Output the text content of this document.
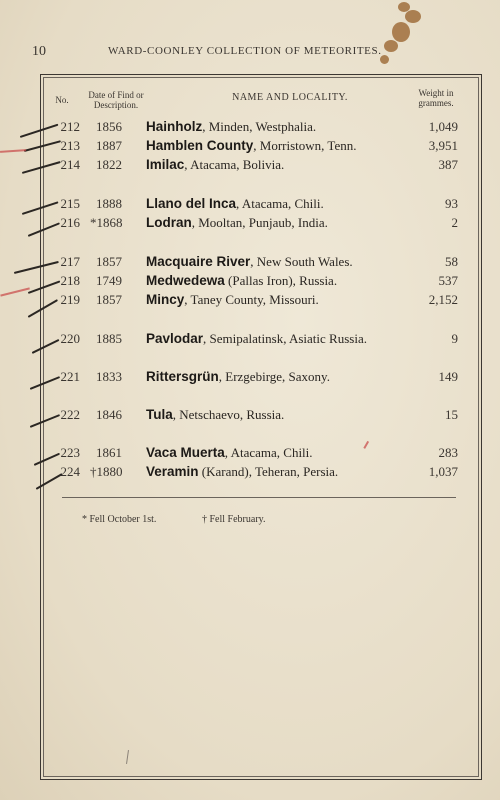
10	WARD-COONLEY COLLECTION OF METEORITES.
No.	Date of Find or
Description.
NAME AND LOCALITY.	Weight in
grammes.
212 1856 Hainholz, Minden, Westphalia.	1,049
213 1887 Hamblen County, Morristown, Tenn.	3,951
214 1822 Imilac, Atacama, Bolivia.	387
215 1888 Llano del Inca, Atacama, Chili.	93
216 *1868 Lodran, Mooltan, Punjaub, India.	2
217 1857 Macquaire River, New South Wales.	58
218 1749 Medwedewa (Pallas Iron), Russia.	537
219 1857 Mincy, Taney County, Missouri.	2,152
220 1885 Pavlodar, Semipalatinsk, Asiatic Russia.	9
221 1833 Rittersgrün, Erzgebirge, Saxony.	149
222 1846 Tula, Netschaevo, Russia.	15
223 1861 Vaca Muerta, Atacama, Chili.	283
224 †1880 Veramin (Karand), Teheran, Persia.	1,037
* Fell October 1st.	† Fell February.
